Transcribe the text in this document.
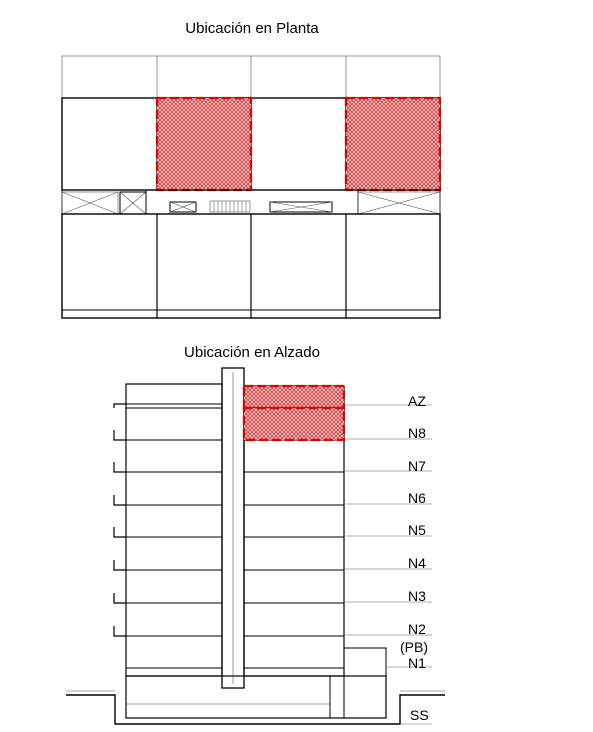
Ubicación en Planta
Ubicación en Alzado
AZ
N8
N7
N6
N5
N4
N3
N2
(PB)
N1
SS
